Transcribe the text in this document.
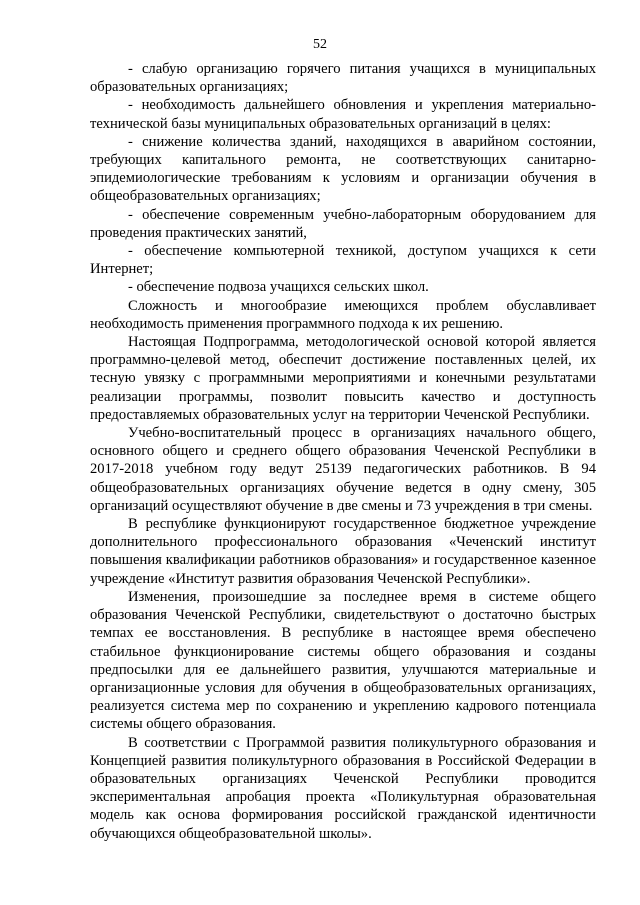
52

- слабую организацию горячего питания учащихся в муниципальных образовательных организациях;

- необходимость дальнейшего обновления и укрепления материально-технической базы муниципальных образовательных организаций в целях:

- снижение количества зданий, находящихся в аварийном состоянии, требующих капитального ремонта, не соответствующих санитарно-эпидемиологические требованиям к условиям и организации обучения в общеобразовательных организациях;

- обеспечение современным учебно-лабораторным оборудованием для проведения практических занятий,

- обеспечение компьютерной техникой, доступом учащихся к сети Интернет;

- обеспечение подвоза учащихся сельских школ.

Сложность и многообразие имеющихся проблем обуславливает необходимость применения программного подхода к их решению.

Настоящая Подпрограмма, методологической основой которой является программно-целевой метод, обеспечит достижение поставленных целей, их тесную увязку с программными мероприятиями и конечными результатами реализации программы, позволит повысить качество и доступность предоставляемых образовательных услуг на территории Чеченской Республики.

Учебно-воспитательный процесс в организациях начального общего, основного общего и среднего общего образования Чеченской Республики в 2017-2018 учебном году ведут 25139 педагогических работников. В 94 общеобразовательных организациях обучение ведется в одну смену, 305 организаций осуществляют обучение в две смены и 73 учреждения в три смены.

В республике функционируют государственное бюджетное учреждение дополнительного профессионального образования «Чеченский институт повышения квалификации работников образования» и государственное казенное учреждение «Институт развития образования Чеченской Республики».

Изменения, произошедшие за последнее время в системе общего образования Чеченской Республики, свидетельствуют о достаточно быстрых темпах ее восстановления. В республике в настоящее время обеспечено стабильное функционирование системы общего образования и созданы предпосылки для ее дальнейшего развития, улучшаются материальные и организационные условия для обучения в общеобразовательных организациях, реализуется система мер по сохранению и укреплению кадрового потенциала системы общего образования.

В соответствии с Программой развития поликультурного образования и Концепцией развития поликультурного образования в Российской Федерации в образовательных организациях Чеченской Республики проводится экспериментальная апробация проекта «Поликультурная образовательная модель как основа формирования российской гражданской идентичности обучающихся общеобразовательной школы».
